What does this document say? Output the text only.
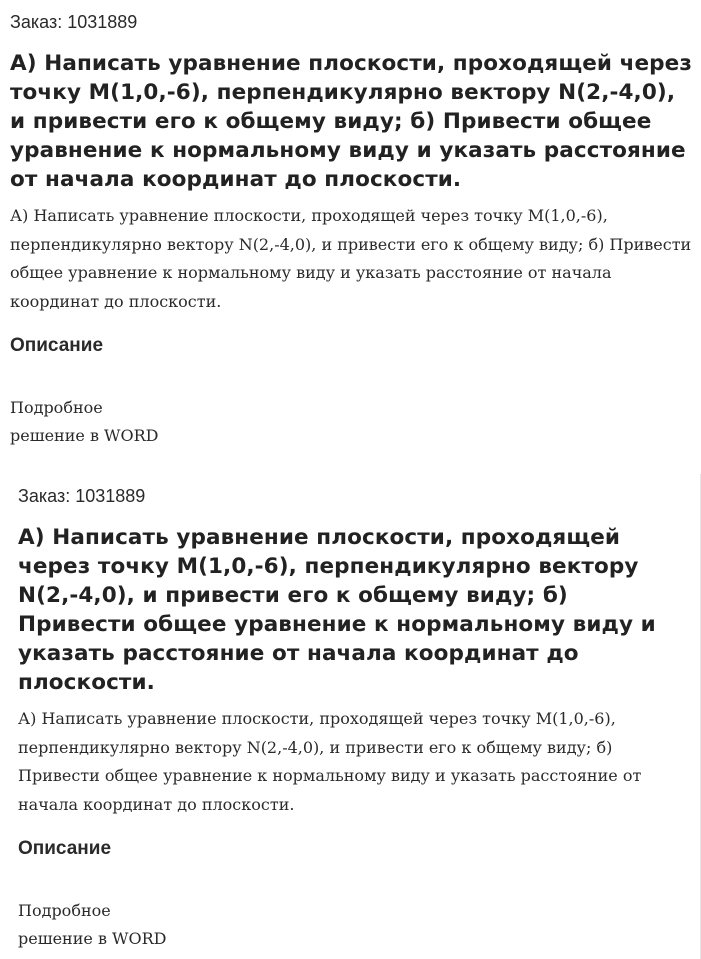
Заказ: 1031889
А) Написать уравнение плоскости, проходящей через точку M(1,0,-6), перпендикулярно вектору N(2,-4,0), и привести его к общему виду; б) Привести общее уравнение к нормальному виду и указать расстояние от начала координат до плоскости.

А) Написать уравнение плоскости, проходящей через точку M(1,0,-6), перпендикулярно вектору N(2,-4,0), и привести его к общему виду; б) Привести общее уравнение к нормальному виду и указать расстояние от начала координат до плоскости.

Описание
Подробное
решение в WORD
Заказ: 1031889
А) Написать уравнение плоскости, проходящей через точку M(1,0,-6), перпендикулярно вектору N(2,-4,0), и привести его к общему виду; б) Привести общее уравнение к нормальному виду и указать расстояние от начала координат до плоскости.

А) Написать уравнение плоскости, проходящей через точку M(1,0,-6), перпендикулярно вектору N(2,-4,0), и привести его к общему виду; б) Привести общее уравнение к нормальному виду и указать расстояние от начала координат до плоскости.

Описание
Подробное
решение в WORD
